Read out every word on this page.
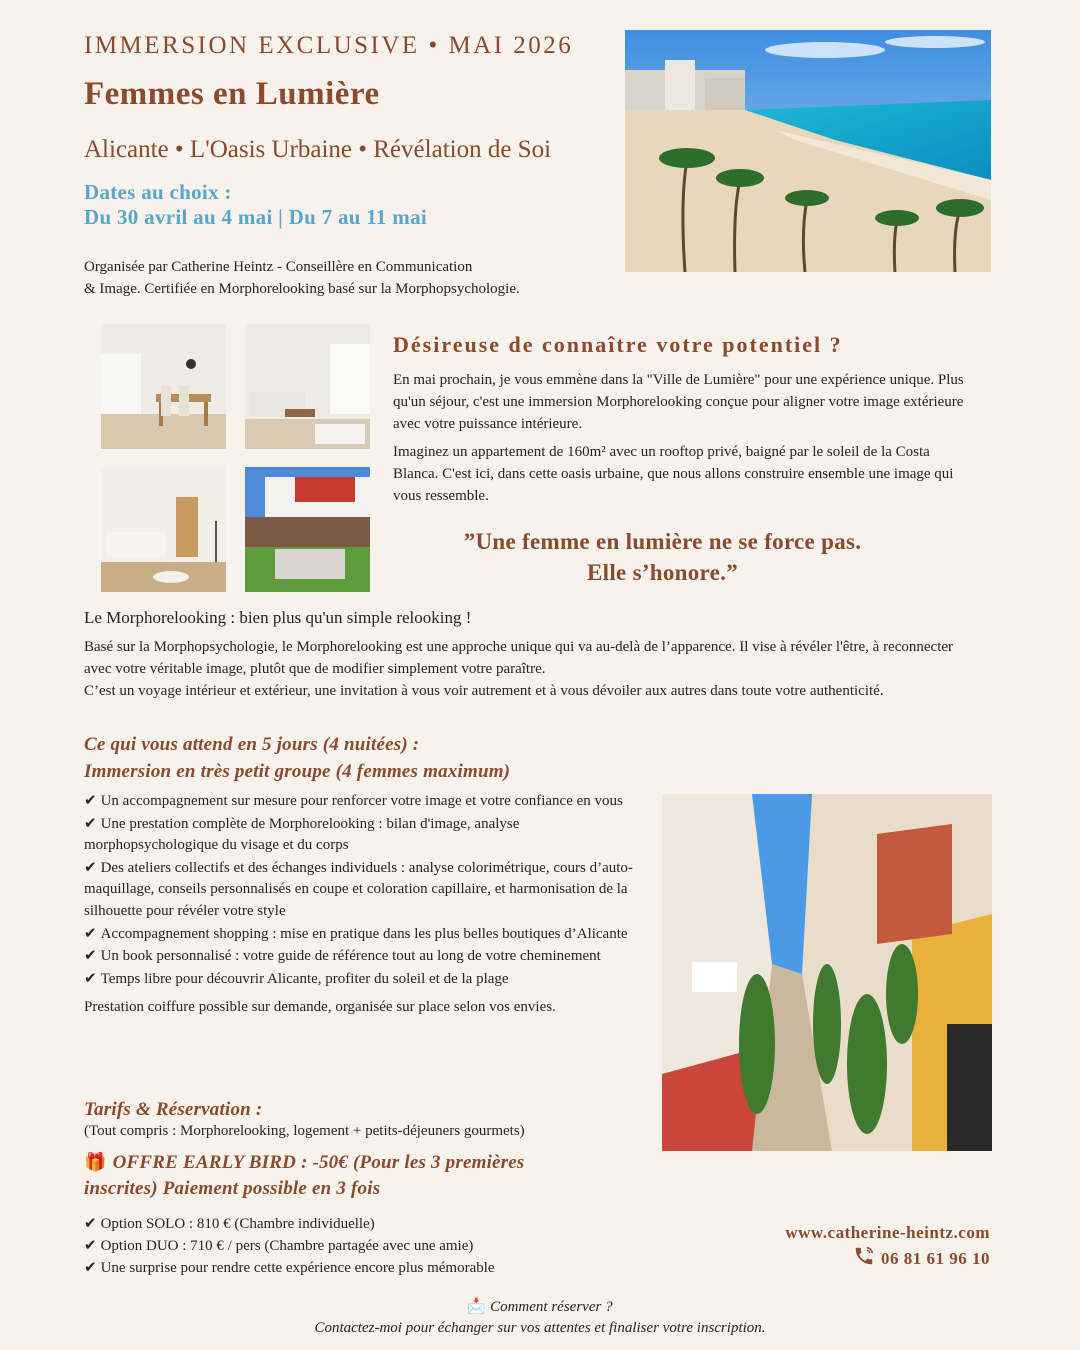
IMMERSION EXCLUSIVE • MAI 2026
Femmes en Lumière
Alicante • L'Oasis Urbaine • Révélation de Soi
Dates au choix :
Du 30 avril au 4 mai | Du 7 au 11 mai
Organisée par Catherine Heintz - Conseillère en Communication
& Image. Certifiée en Morphorelooking basé sur la Morphopsychologie.
Désireuse de connaître votre potentiel ?
En mai prochain, je vous emmène dans la "Ville de Lumière" pour une expérience unique. Plus qu'un séjour, c'est une immersion Morphorelooking conçue pour aligner votre image extérieure avec votre puissance intérieure.
Imaginez un appartement de 160m² avec un rooftop privé, baigné par le soleil de la Costa Blanca. C'est ici, dans cette oasis urbaine, que nous allons construire ensemble une image qui vous ressemble.
”Une femme en lumière ne se force pas.
Elle s’honore.”
Le Morphorelooking : bien plus qu'un simple relooking !
Basé sur la Morphopsychologie, le Morphorelooking est une approche unique qui va au-delà de l’apparence. Il vise à révéler l'être, à reconnecter avec votre véritable image, plutôt que de modifier simplement votre paraître.
C’est un voyage intérieur et extérieur, une invitation à vous voir autrement et à vous dévoiler aux autres dans toute votre authenticité.
Ce qui vous attend en 5 jours (4 nuitées) :
Immersion en très petit groupe (4 femmes maximum)
✔ Un accompagnement sur mesure pour renforcer votre image et votre confiance en vous
✔ Une prestation complète de Morphorelooking : bilan d'image, analyse morphopsychologique du visage et du corps
✔ Des ateliers collectifs et des échanges individuels : analyse colorimétrique, cours d’auto-maquillage, conseils personnalisés en coupe et coloration capillaire, et harmonisation de la silhouette pour révéler votre style
✔ Accompagnement shopping : mise en pratique dans les plus belles boutiques d’Alicante
✔ Un book personnalisé : votre guide de référence tout au long de votre cheminement
✔ Temps libre pour découvrir Alicante, profiter du soleil et de la plage
Prestation coiffure possible sur demande, organisée sur place selon vos envies.
Tarifs & Réservation :
(Tout compris : Morphorelooking, logement + petits-déjeuners gourmets)
🎁 OFFRE EARLY BIRD : -50€ (Pour les 3 premières
inscrites) Paiement possible en 3 fois
✔ Option SOLO : 810 € (Chambre individuelle)
✔ Option DUO : 710 € / pers (Chambre partagée avec une amie)
✔ Une surprise pour rendre cette expérience encore plus mémorable
www.catherine-heintz.com
06 81 61 96 10
📩 Comment réserver ?
Contactez-moi pour échanger sur vos attentes et finaliser votre inscription.
